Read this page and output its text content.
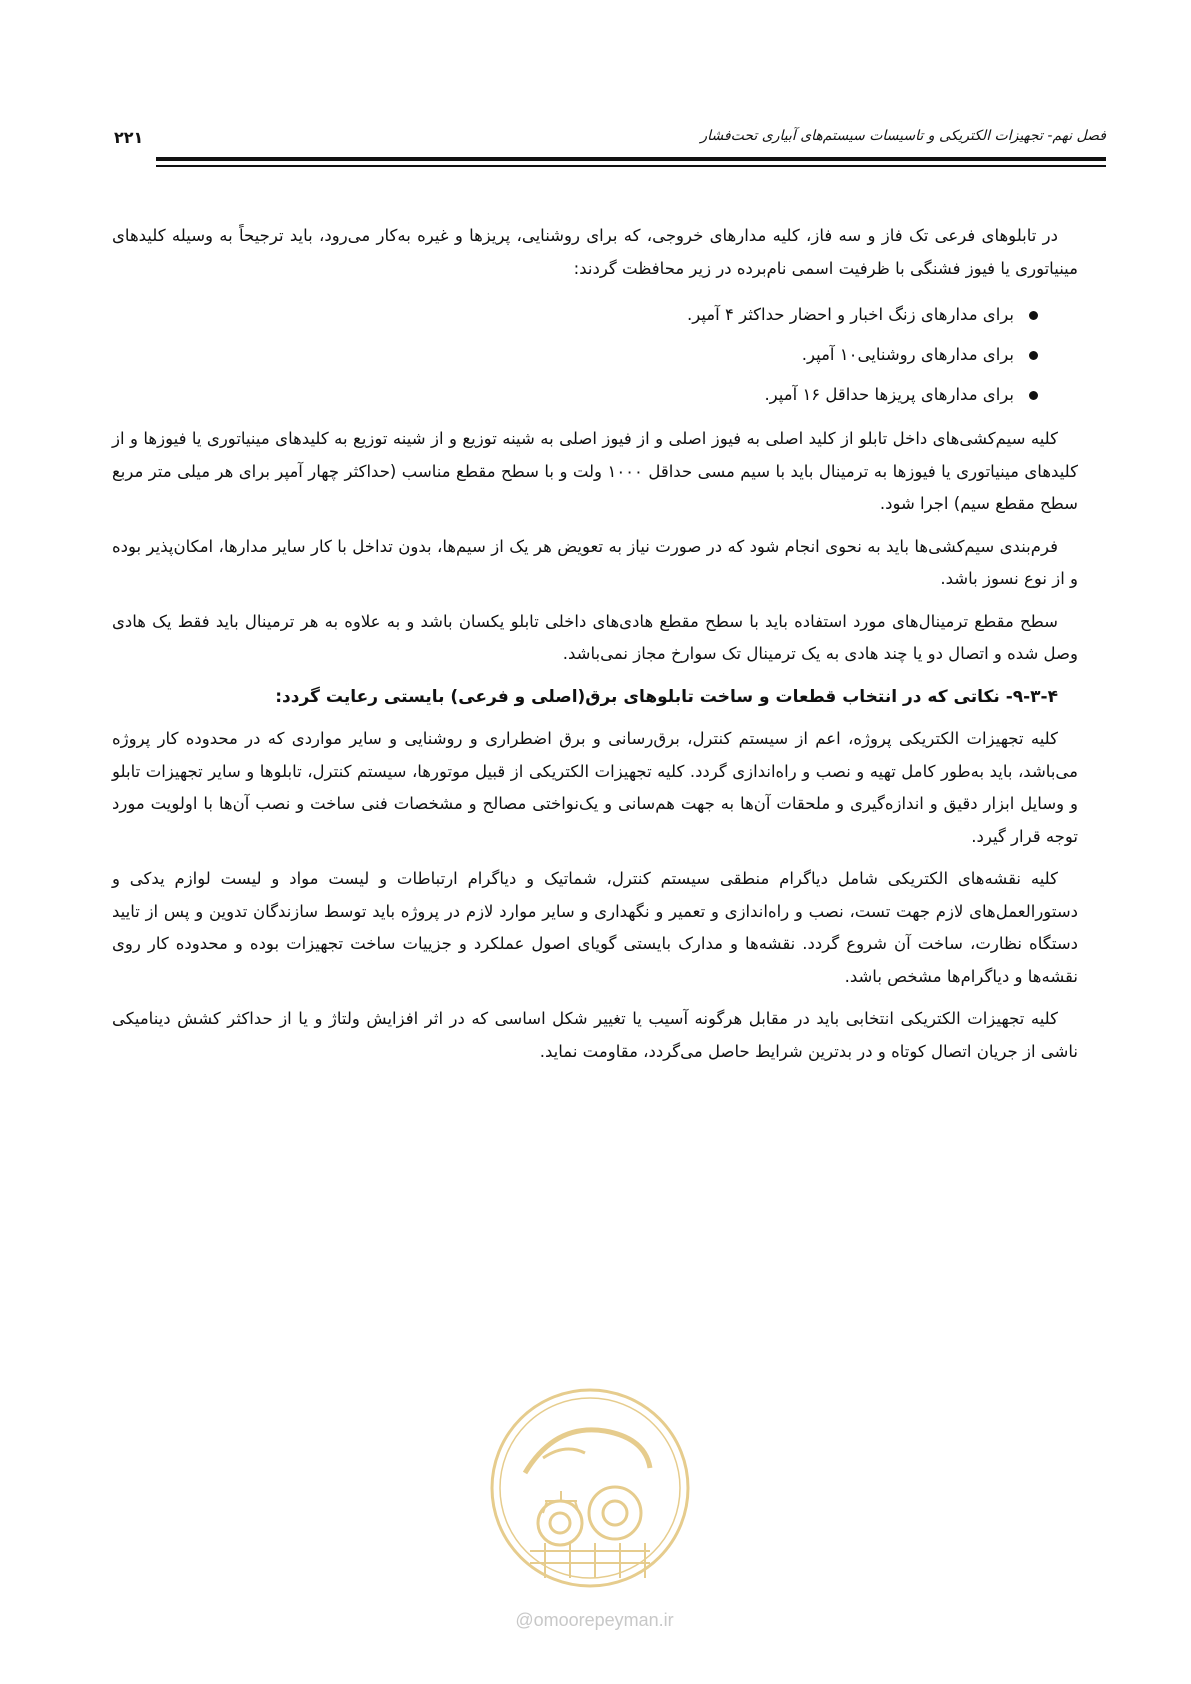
فصل نهم- تجهیزات الکتریکی و تاسیسات سیستم‌های آبیاری تحت‌فشار
۲۲۱

در تابلوهای فرعی تک فاز و سه فاز، کلیه مدارهای خروجی، که برای روشنایی، پریزها و غیره به‌کار می‌رود، باید ترجیحاً به وسیله کلیدهای مینیاتوری یا فیوز فشنگی با ظرفیت اسمی نام‌برده در زیر محافظت گردند:

برای مدارهای زنگ اخبار و احضار حداکثر ۴ آمپر.
برای مدارهای روشنایی۱۰ آمپر.
برای مدارهای پریزها حداقل ۱۶ آمپر.

کلیه سیم‌کشی‌های داخل تابلو از کلید اصلی به فیوز اصلی و از فیوز اصلی به شینه توزیع و از شینه توزیع به کلیدهای مینیاتوری یا فیوزها و از کلیدهای مینیاتوری یا فیوزها به ترمینال باید با سیم مسی حداقل ۱۰۰۰ ولت و با سطح مقطع مناسب (حداکثر چهار آمپر برای هر میلی متر مربع سطح مقطع سیم) اجرا شود.

فرم‌بندی سیم‌کشی‌ها باید به نحوی انجام شود که در صورت نیاز به تعویض هر یک از سیم‌ها، بدون تداخل با کار سایر مدارها، امکان‌پذیر بوده و از نوع نسوز باشد.

سطح مقطع ترمینال‌های مورد استفاده باید با سطح مقطع هادی‌های داخلی تابلو یکسان باشد و به علاوه به هر ترمینال باید فقط یک هادی وصل شده و اتصال دو یا چند هادی به یک ترمینال تک سوارخ مجاز نمی‌باشد.

۹-۳-۴- نکاتی که در انتخاب قطعات و ساخت تابلوهای برق(اصلی و فرعی) بایستی رعایت گردد:

کلیه تجهیزات الکتریکی پروژه، اعم از سیستم کنترل، برق‌رسانی و برق اضطراری و روشنایی و سایر مواردی که در محدوده کار پروژه می‌باشد، باید به‌طور کامل تهیه و نصب و راه‌اندازی گردد. کلیه تجهیزات الکتریکی از قبیل موتورها، سیستم کنترل، تابلوها و سایر تجهیزات تابلو و وسایل ابزار دقیق و اندازه‌گیری و ملحقات آن‌ها به جهت هم‌سانی و یک‌نواختی مصالح و مشخصات فنی ساخت و نصب آن‌ها با اولویت مورد توجه قرار گیرد.

کلیه نقشه‌های الکتریکی شامل دیاگرام منطقی سیستم کنترل، شماتیک و دیاگرام ارتباطات و لیست مواد و لیست لوازم یدکی و دستورالعمل‌های لازم جهت تست، نصب و راه‌اندازی و تعمیر و نگهداری و سایر موارد لازم در پروژه باید توسط سازندگان تدوین و پس از تایید دستگاه نظارت، ساخت آن شروع گردد. نقشه‌ها و مدارک بایستی گویای اصول عملکرد و جزییات ساخت تجهیزات بوده و محدوده کار روی نقشه‌ها و دیاگرام‌ها مشخص باشد.

کلیه تجهیزات الکتریکی انتخابی باید در مقابل هرگونه آسیب یا تغییر شکل اساسی که در اثر افزایش ولتاژ و یا از حداکثر کشش دینامیکی ناشی از جریان اتصال کوتاه و در بدترین شرایط حاصل می‌گردد، مقاومت نماید.

@omoorepeyman.ir
